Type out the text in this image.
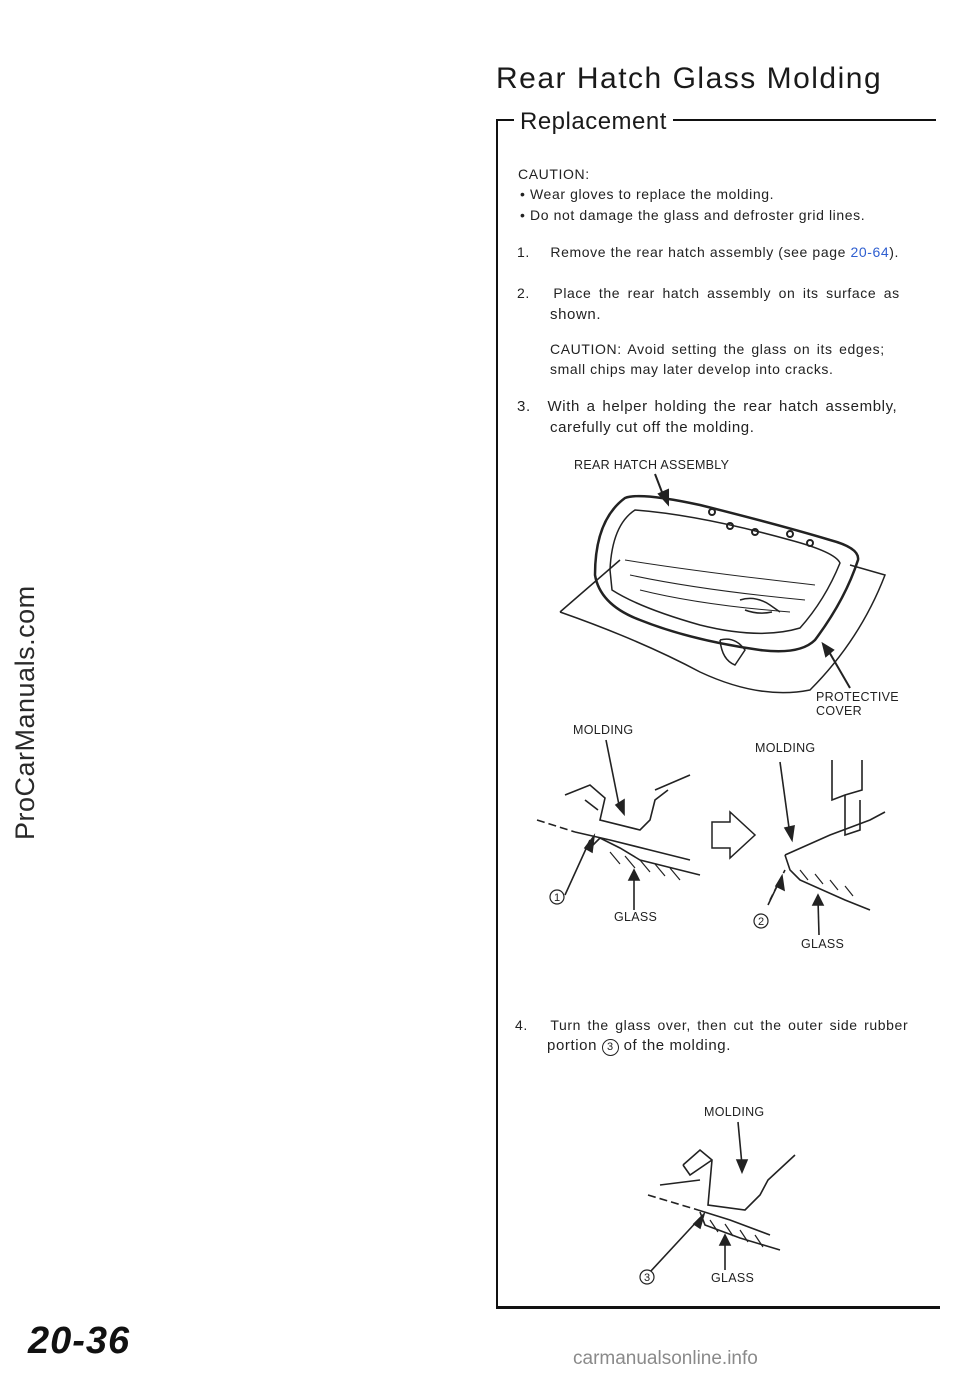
Rear Hatch Glass Molding
Replacement
CAUTION:
• Wear gloves to replace the molding.
• Do not damage the glass and defroster grid lines.
1. Remove the rear hatch assembly (see page 20-64).
2. Place the rear hatch assembly on its surface as
shown.
CAUTION: Avoid setting the glass on its edges;
small chips may later develop into cracks.
3. With a helper holding the rear hatch assembly,
carefully cut off the molding.
REAR HATCH ASSEMBLY
PROTECTIVE
COVER
MOLDING
MOLDING
1
2
GLASS
GLASS
4. Turn the glass over, then cut the outer side rubber
portion 3 of the molding.
MOLDING
3	GLASS
ProCarManuals.com
20-36	carmanualsonline.info
